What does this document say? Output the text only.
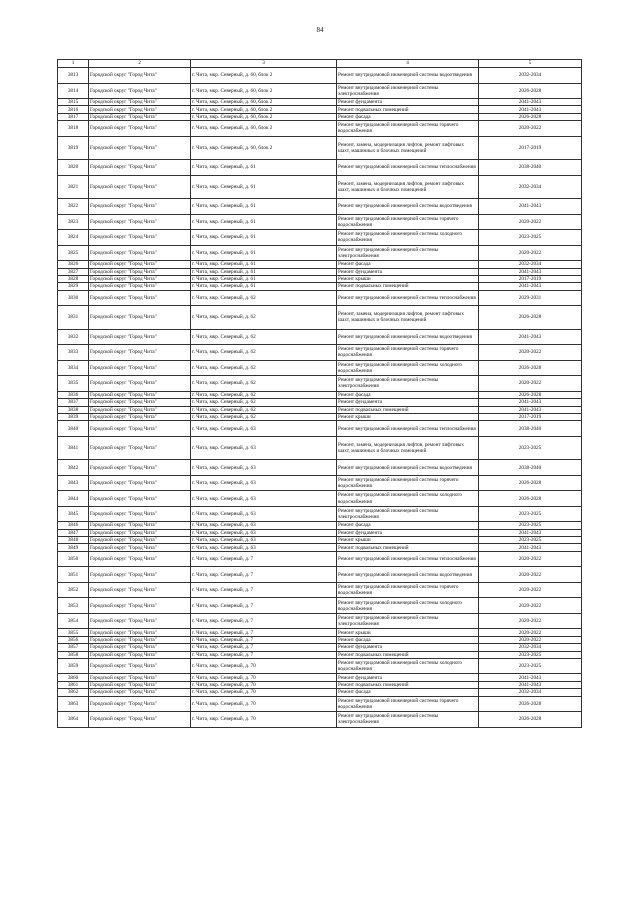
84
1	2	3	4	5
3813	Городской округ "Город Чита"	г. Чита, мкр. Северный, д. 60, блок 2	Ремонт внутридомовой инженерной системы водоотведения	2032-2034
3814	Городской округ "Город Чита"	г. Чита, мкр. Северный, д. 60, блок 2	Ремонт внутридомовой инженерной системы электроснабжения	2026-2028
3815	Городской округ "Город Чита"	г. Чита, мкр. Северный, д. 60, блок 2	Ремонт фундамента	2041-2043
3816	Городской округ "Город Чита"	г. Чита, мкр. Северный, д. 60, блок 2	Ремонт подвальных помещений	2041-2043
3817	Городской округ "Город Чита"	г. Чита, мкр. Северный, д. 60, блок 2	Ремонт фасада	2026-2028
3818	Городской округ "Город Чита"	г. Чита, мкр. Северный, д. 60, блок 2	Ремонт внутридомовой инженерной системы горячего водоснабжения	2020-2022
3819	Городской округ "Город Чита"	г. Чита, мкр. Северный, д. 60, блок 2	Ремонт, замена, модернизация лифтов, ремонт лифтовых шахт, машинных и блочных помещений	2017-2019
3820	Городской округ "Город Чита"	г. Чита, мкр. Северный, д. 61	Ремонт внутридомовой инженерной системы теплоснабжения	2038-2040
3821	Городской округ "Город Чита"	г. Чита, мкр. Северный, д. 61	Ремонт, замена, модернизация лифтов, ремонт лифтовых шахт, машинных и блочных помещений	2032-2034
3822	Городской округ "Город Чита"	г. Чита, мкр. Северный, д. 61	Ремонт внутридомовой инженерной системы водоотведения	2041-2043
3823	Городской округ "Город Чита"	г. Чита, мкр. Северный, д. 61	Ремонт внутридомовой инженерной системы горячего водоснабжения	2020-2022
3824	Городской округ "Город Чита"	г. Чита, мкр. Северный, д. 61	Ремонт внутридомовой инженерной системы холодного водоснабжения	2023-2025
3825	Городской округ "Город Чита"	г. Чита, мкр. Северный, д. 61	Ремонт внутридомовой инженерной системы электроснабжения	2020-2022
3826	Городской округ "Город Чита"	г. Чита, мкр. Северный, д. 61	Ремонт фасада	2032-2034
3827	Городской округ "Город Чита"	г. Чита, мкр. Северный, д. 61	Ремонт фундамента	2041-2043
3828	Городской округ "Город Чита"	г. Чита, мкр. Северный, д. 61	Ремонт крыши	2017-2019
3829	Городской округ "Город Чита"	г. Чита, мкр. Северный, д. 61	Ремонт подвальных помещений	2041-2043
3830	Городской округ "Город Чита"	г. Чита, мкр. Северный, д. 62	Ремонт внутридомовой инженерной системы теплоснабжения	2029-2031
3831	Городской округ "Город Чита"	г. Чита, мкр. Северный, д. 62	Ремонт, замена, модернизация лифтов, ремонт лифтовых шахт, машинных и блочных помещений	2026-2028
3832	Городской округ "Город Чита"	г. Чита, мкр. Северный, д. 62	Ремонт внутридомовой инженерной системы водоотведения	2041-2043
3833	Городской округ "Город Чита"	г. Чита, мкр. Северный, д. 62	Ремонт внутридомовой инженерной системы горячего водоснабжения	2020-2022
3834	Городской округ "Город Чита"	г. Чита, мкр. Северный, д. 62	Ремонт внутридомовой инженерной системы холодного водоснабжения	2026-2028
3835	Городской округ "Город Чита"	г. Чита, мкр. Северный, д. 62	Ремонт внутридомовой инженерной системы электроснабжения	2020-2022
3836	Городской округ "Город Чита"	г. Чита, мкр. Северный, д. 62	Ремонт фасада	2026-2028
3837	Городской округ "Город Чита"	г. Чита, мкр. Северный, д. 62	Ремонт фундамента	2041-2043
3838	Городской округ "Город Чита"	г. Чита, мкр. Северный, д. 62	Ремонт подвальных помещений	2041-2043
3839	Городской округ "Город Чита"	г. Чита, мкр. Северный, д. 62	Ремонт крыши	2017-2019
3840	Городской округ "Город Чита"	г. Чита, мкр. Северный, д. 63	Ремонт внутридомовой инженерной системы теплоснабжения	2038-2040
3841	Городской округ "Город Чита"	г. Чита, мкр. Северный, д. 63	Ремонт, замена, модернизация лифтов, ремонт лифтовых шахт, машинных и блочных помещений	2023-2025
3842	Городской округ "Город Чита"	г. Чита, мкр. Северный, д. 63	Ремонт внутридомовой инженерной системы водоотведения	2038-2040
3843	Городской округ "Город Чита"	г. Чита, мкр. Северный, д. 63	Ремонт внутридомовой инженерной системы горячего водоснабжения	2026-2028
3844	Городской округ "Город Чита"	г. Чита, мкр. Северный, д. 63	Ремонт внутридомовой инженерной системы холодного водоснабжения	2026-2028
3845	Городской округ "Город Чита"	г. Чита, мкр. Северный, д. 63	Ремонт внутридомовой инженерной системы электроснабжения	2023-2025
3846	Городской округ "Город Чита"	г. Чита, мкр. Северный, д. 63	Ремонт фасада	2023-2025
3847	Городской округ "Город Чита"	г. Чита, мкр. Северный, д. 63	Ремонт фундамента	2041-2043
3848	Городской округ "Город Чита"	г. Чита, мкр. Северный, д. 63	Ремонт крыши	2023-2025
3849	Городской округ "Город Чита"	г. Чита, мкр. Северный, д. 63	Ремонт подвальных помещений	2041-2043
3850	Городской округ "Город Чита"	г. Чита, мкр. Северный, д. 7	Ремонт внутридомовой инженерной системы теплоснабжения	2020-2022
3851	Городской округ "Город Чита"	г. Чита, мкр. Северный, д. 7	Ремонт внутридомовой инженерной системы водоотведения	2020-2022
3852	Городской округ "Город Чита"	г. Чита, мкр. Северный, д. 7	Ремонт внутридомовой инженерной системы горячего водоснабжения	2020-2022
3853	Городской округ "Город Чита"	г. Чита, мкр. Северный, д. 7	Ремонт внутридомовой инженерной системы холодного водоснабжения	2020-2022
3854	Городской округ "Город Чита"	г. Чита, мкр. Северный, д. 7	Ремонт внутридомовой инженерной системы электроснабжения	2020-2022
3855	Городской округ "Город Чита"	г. Чита, мкр. Северный, д. 7	Ремонт крыши	2020-2022
3856	Городской округ "Город Чита"	г. Чита, мкр. Северный, д. 7	Ремонт фасада	2020-2022
3857	Городской округ "Город Чита"	г. Чита, мкр. Северный, д. 7	Ремонт фундамента	2032-2034
3858	Городской округ "Город Чита"	г. Чита, мкр. Северный, д. 7	Ремонт подвальных помещений	2023-2025
3859	Городской округ "Город Чита"	г. Чита, мкр. Северный, д. 70	Ремонт внутридомовой инженерной системы холодного водоснабжения	2023-2025
3860	Городской округ "Город Чита"	г. Чита, мкр. Северный, д. 70	Ремонт фундамента	2041-2043
3861	Городской округ "Город Чита"	г. Чита, мкр. Северный, д. 70	Ремонт подвальных помещений	2041-2043
3862	Городской округ "Город Чита"	г. Чита, мкр. Северный, д. 70	Ремонт фасада	2032-2034
3863	Городской округ "Город Чита"	г. Чита, мкр. Северный, д. 70	Ремонт внутридомовой инженерной системы горячего водоснабжения	2026-2028
3864	Городской округ "Город Чита"	г. Чита, мкр. Северный, д. 70	Ремонт внутридомовой инженерной системы электроснабжения	2026-2028
